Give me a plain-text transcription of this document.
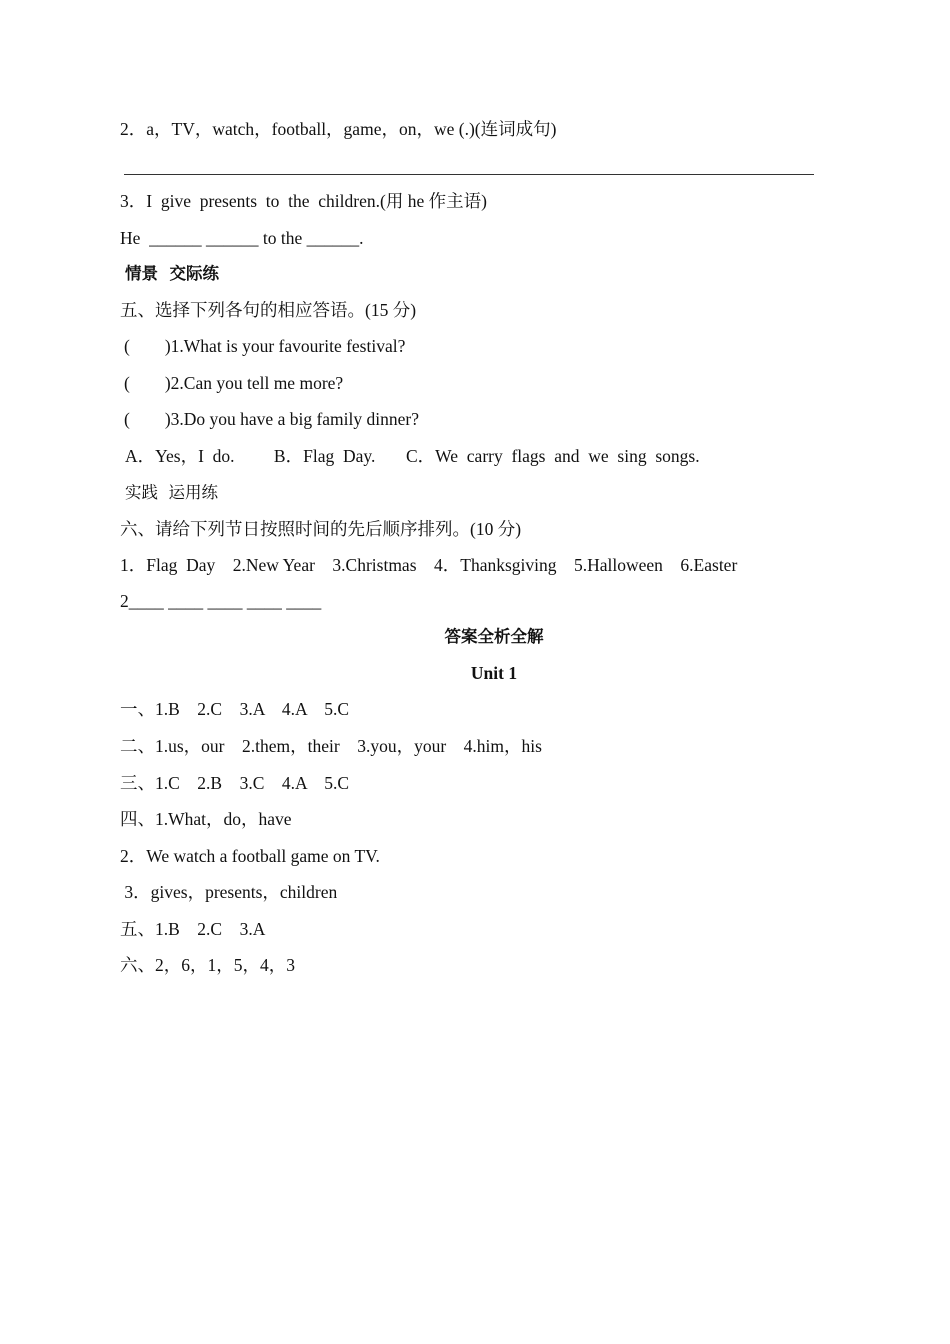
2．a，TV，watch，football，game，on，we (.)(连词成句)
3．I  give  presents  to  the  children.(用 he 作主语)
He  ______ ______ to the ______.
情景  交际练
五、选择下列各句的相应答语。(15 分)
(        )1.What is your favourite festival?
(        )2.Can you tell me more?
(        )3.Do you have a big family dinner?
A．Yes，I  do.         B．Flag  Day.       C．We  carry  flags  and  we  sing  songs.
实践  运用练
六、请给下列节日按照时间的先后顺序排列。(10 分)
1．Flag  Day    2.New Year    3.Christmas    4．Thanksgiving    5.Halloween    6.Easter
2____ ____ ____ ____ ____
答案全析全解
Unit 1
一、1.B    2.C    3.A    4.A    5.C
二、1.us，our    2.them，their    3.you，your    4.him，his
三、1.C    2.B    3.C    4.A    5.C
四、1.What，do，have
2．We watch a football game on TV.
3．gives，presents，children
五、1.B    2.C    3.A
六、2，6，1，5，4，3
